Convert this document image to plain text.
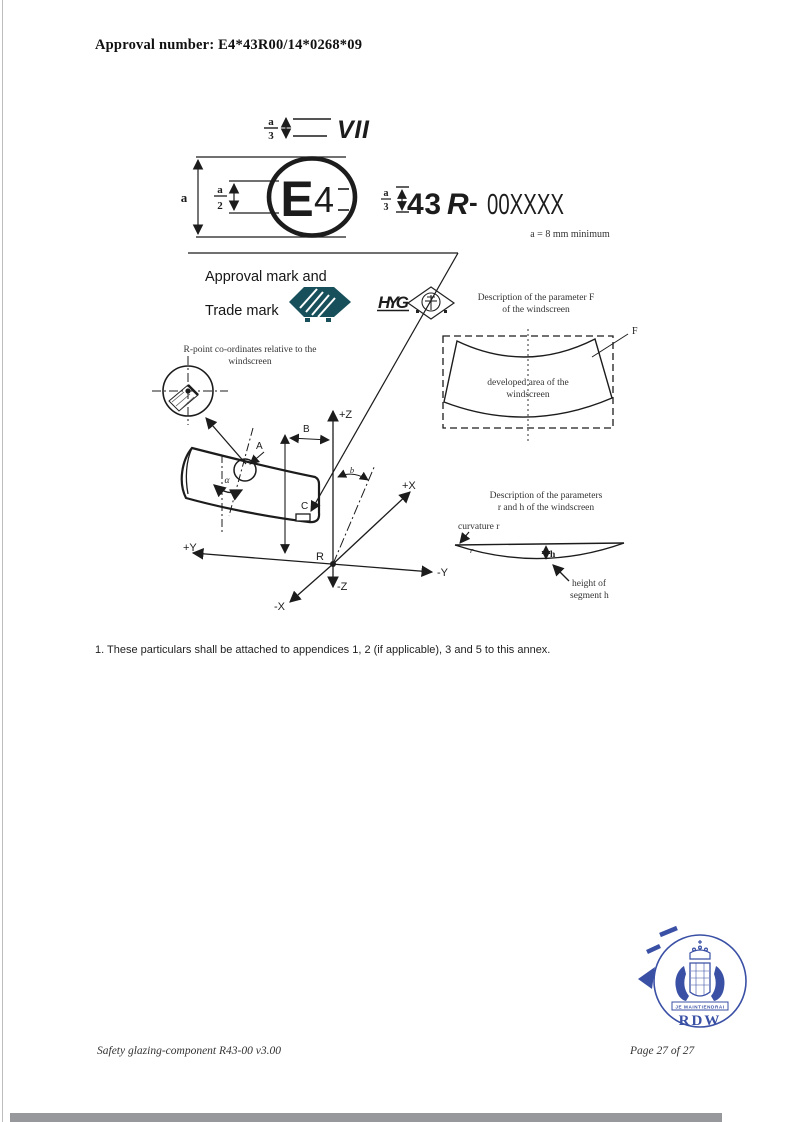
Approval number: E4*43R00/14*0268*09
a
3	VII
a	a
2 E 4	a
3 43 R - 00XXXX
a = 8 mm minimum
Approval mark and
Trade mark	HYG
R-point co-ordinates relative to the
windscreen
+Z
-Z
+Y
-Y
+X
-X
R
b
B
A
α
C
Description of the parameter F
of the windscreen
F
developed area of the
windscreen
Description of the parameters
r and h of the windscreen
curvature r
r	h
height of
segment h
JE MAINTIENDRAI
RDW
1. These particulars shall be attached to appendices 1, 2 (if applicable), 3 and 5 to this annex.
Safety glazing-component R43-00 v3.00	Page 27 of 27
